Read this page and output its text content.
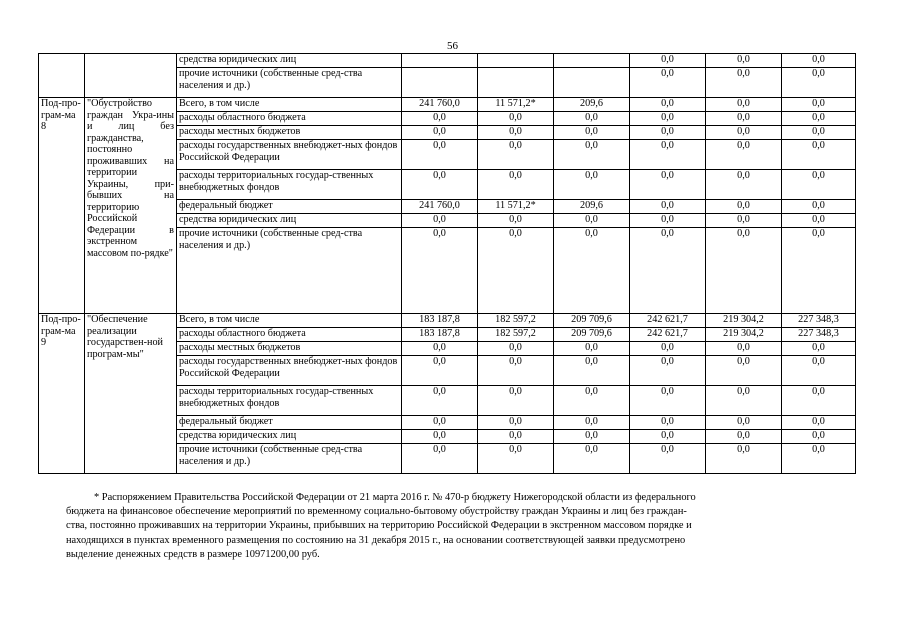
56
		средства юридических лиц				0,0	0,0	0,0
		прочие источники (собственные сред-ства населения и др.)				0,0	0,0	0,0
Под-про-грам-ма 8	"Обустройство граждан Укра-ины и лиц без гражданства, постоянно проживавших на территории Украины, при-бывших на территорию Российской Федерации в экстренном массовом по-рядке"	Всего, в том числе	241 760,0	11 571,2*	209,6	0,0	0,0	0,0
		расходы областного бюджета	0,0	0,0	0,0	0,0	0,0	0,0
		расходы местных бюджетов	0,0	0,0	0,0	0,0	0,0	0,0
		расходы государственных внебюджет-ных фондов Российской Федерации	0,0	0,0	0,0	0,0	0,0	0,0
		расходы территориальных государ-ственных внебюджетных фондов	0,0	0,0	0,0	0,0	0,0	0,0
		федеральный бюджет	241 760,0	11 571,2*	209,6	0,0	0,0	0,0
		средства юридических лиц	0,0	0,0	0,0	0,0	0,0	0,0
		прочие источники (собственные сред-ства населения и др.)	0,0	0,0	0,0	0,0	0,0	0,0
Под-про-грам-ма 9	"Обеспечение реализации государствен-ной програм-мы"	Всего, в том числе	183 187,8	182 597,2	209 709,6	242 621,7	219 304,2	227 348,3
		расходы областного бюджета	183 187,8	182 597,2	209 709,6	242 621,7	219 304,2	227 348,3
		расходы местных бюджетов	0,0	0,0	0,0	0,0	0,0	0,0
		расходы государственных внебюджет-ных фондов Российской Федерации	0,0	0,0	0,0	0,0	0,0	0,0
		расходы территориальных государ-ственных внебюджетных фондов	0,0	0,0	0,0	0,0	0,0	0,0
		федеральный бюджет	0,0	0,0	0,0	0,0	0,0	0,0
		средства юридических лиц	0,0	0,0	0,0	0,0	0,0	0,0
		прочие источники (собственные сред-ства населения и др.)	0,0	0,0	0,0	0,0	0,0	0,0
* Распоряжением Правительства Российской Федерации от 21 марта 2016 г. № 470-р бюджету Нижегородской области из федерального
бюджета на финансовое обеспечение мероприятий по временному социально-бытовому обустройству граждан Украины и лиц без граждан-
ства, постоянно проживавших на территории Украины, прибывших на территорию Российской Федерации в экстренном массовом порядке и
находящихся в пунктах временного размещения по состоянию на 31 декабря 2015 г., на основании соответствующей заявки предусмотрено
выделение денежных средств в размере 10971200,00 руб.
